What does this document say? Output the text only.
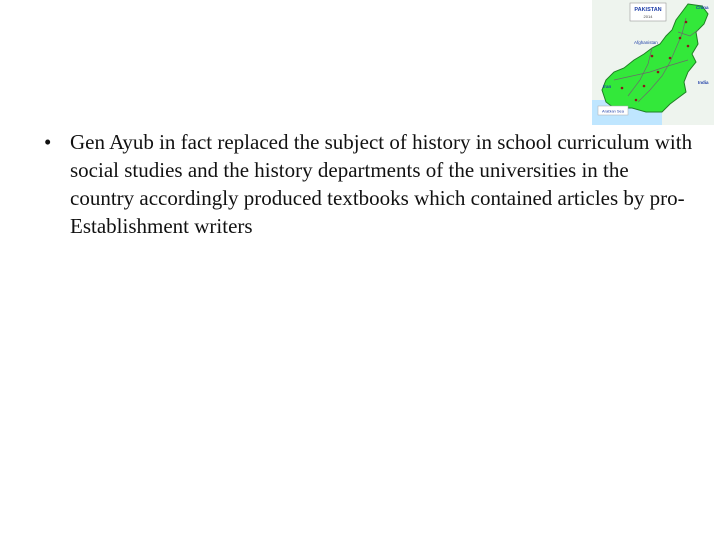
PAKISTAN
2014
China
Afghanistan
India
Iran
Arabian Sea
• Gen Ayub in fact replaced the subject of history in school curriculum with social studies and the history departments of the universities in the country accordingly produced textbooks which contained articles by pro-Establishment writers
